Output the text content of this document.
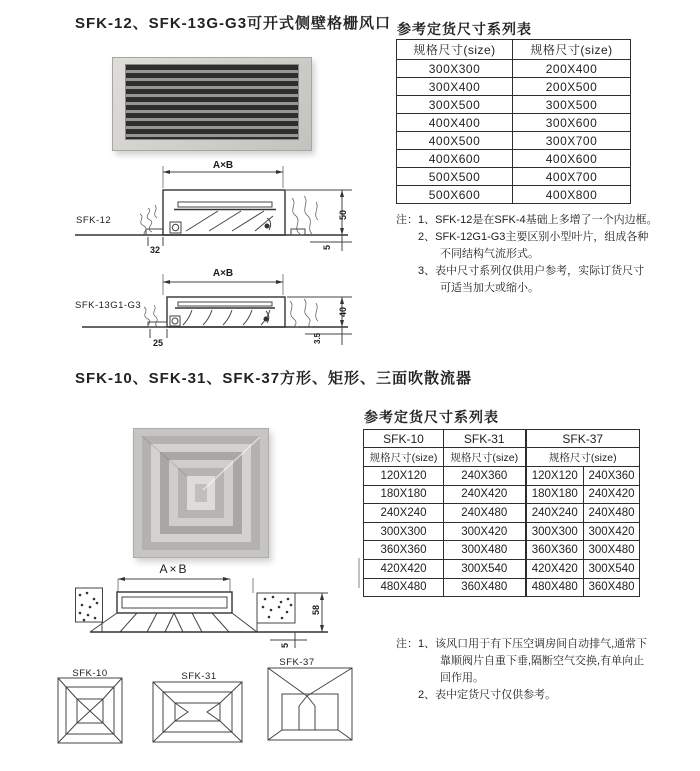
SFK-12、SFK-13G-G3可开式侧壁格栅风口
A×B
50
5
32
SFK-12
A×B
40
3.5
25
SFK-13G1-G3
参考定货尺寸系列表
规格尺寸(size)	规格尺寸(size)
300X300	200X400
300X400	200X500
300X500	300X500
400X400	300X600
400X500	300X700
400X600	400X600
500X500	400X700
500X600	400X800
注：1、SFK-12是在SFK-4基础上多增了一个内边框。
2、SFK-12G1-G3主要区别小型叶片，组成各种
不同结构气流形式。
3、表中尺寸系列仅供用户参考，实际订货尺寸
可适当加大或缩小。
SFK-10、SFK-31、SFK-37方形、矩形、三面吹散流器
A×B
58
5
SFK-10	SFK-31
SFK-37
参考定货尺寸系列表
SFK-10	SFK-31	SFK-37	
规格尺寸(size)	规格尺寸(size)	规格尺寸(size)	
120X120	240X360	120X120	240X360
180X180	240X420	180X180	240X420
240X240	240X480	240X240	240X480
300X300	300X420	300X300	300X420
360X360	300X480	360X360	300X480
420X420	300X540	420X420	300X540
480X480	360X480	480X480	360X480
注：1、该风口用于有下压空调房间自动排气,通常下
靠顺阀片自重下垂,隔断空气交换,有单向止
回作用。
2、表中定货尺寸仅供参考。
